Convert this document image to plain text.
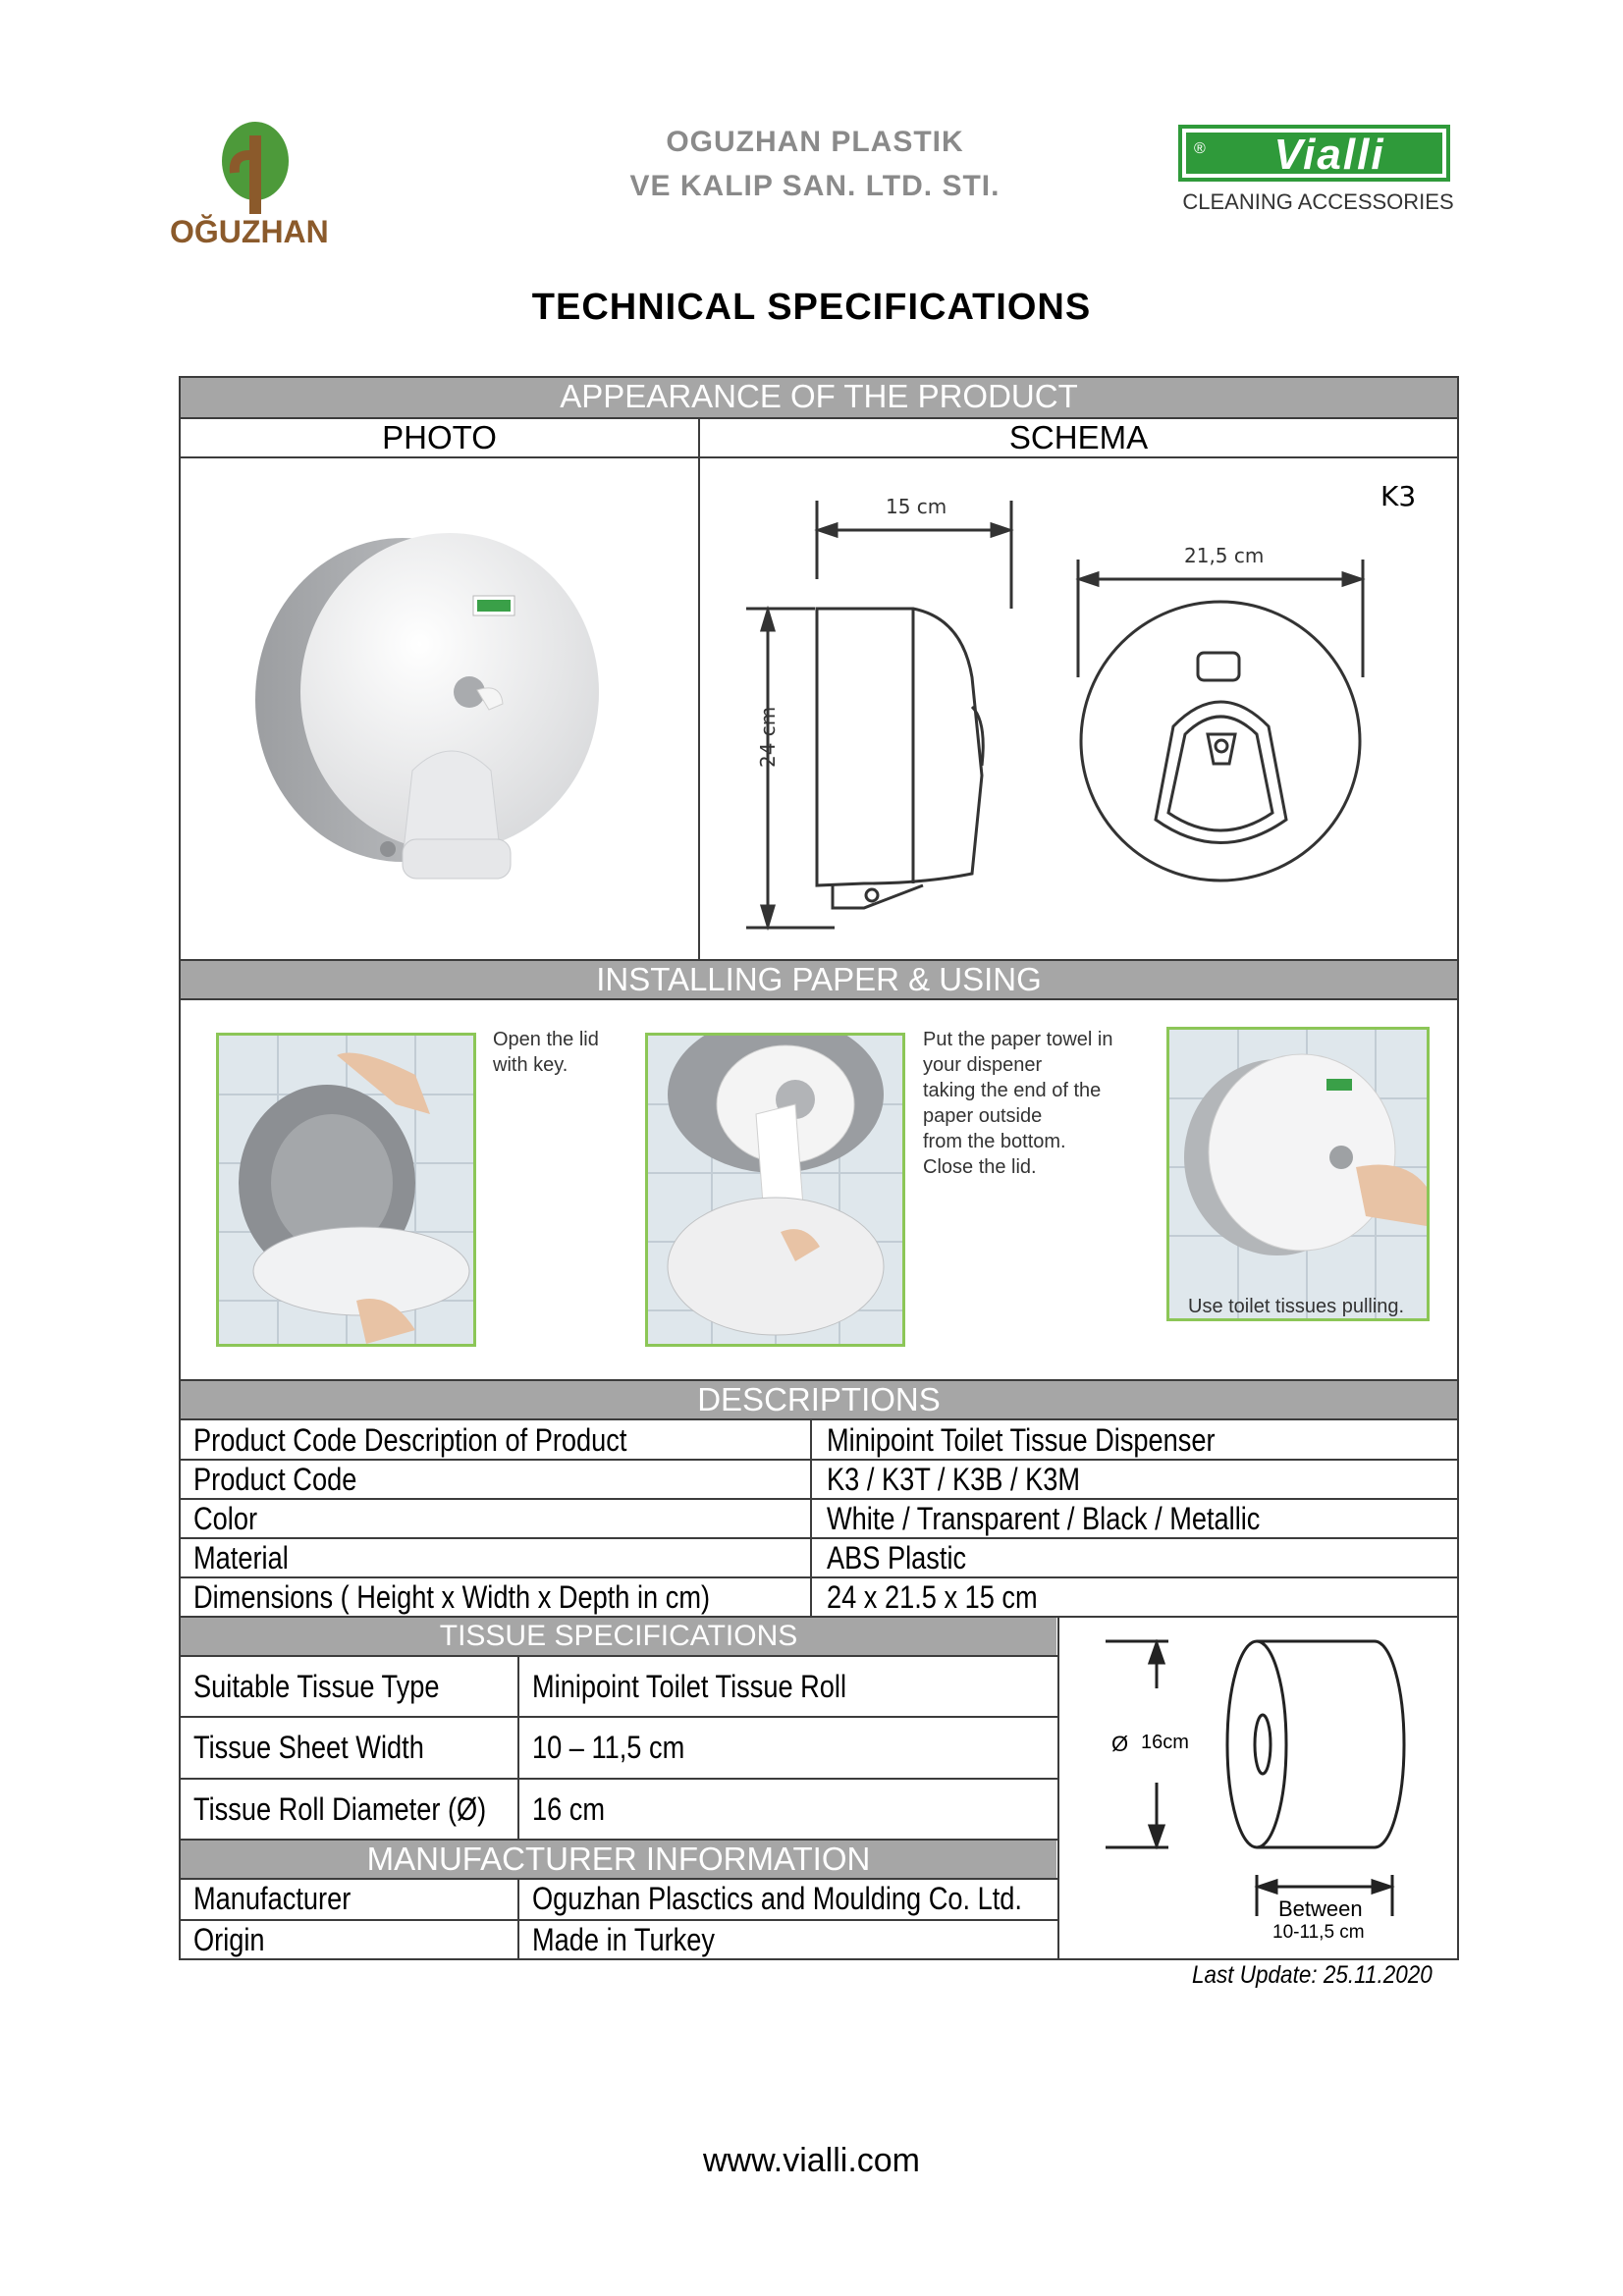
OĞUZHAN
OGUZHAN PLASTIK
VE KALIP SAN. LTD. STI.
Vialli
®
CLEANING ACCESSORIES
TECHNICAL SPECIFICATIONS
APPEARANCE OF THE PRODUCT
PHOTO	SCHEMA
K3
15 cm
21,5 cm
24 cm
INSTALLING PAPER & USING
Open the lid
with key.
Put the paper towel in
your dispener
taking the end of the
paper outside
from the bottom.
Close the lid.
Use toilet tissues pulling.
DESCRIPTIONS
Product Code Description of Product	Minipoint Toilet Tissue Dispenser
Product Code	K3 / K3T / K3B / K3M
Color	White / Transparent / Black / Metallic
Material	ABS Plastic
Dimensions ( Height x Width x Depth in cm)	24 x 21.5 x 15 cm
TISSUE SPECIFICATIONS
Suitable Tissue Type	Minipoint Toilet Tissue Roll
Tissue Sheet Width	10 – 11,5 cm
Tissue Roll Diameter (Ø)	16 cm
MANUFACTURER INFORMATION
Manufacturer	Oguzhan Plasctics and Moulding Co. Ltd.
Origin	Made in Turkey
Ø 16cm
Between
10-11,5 cm
Last Update: 25.11.2020
www.vialli.com
